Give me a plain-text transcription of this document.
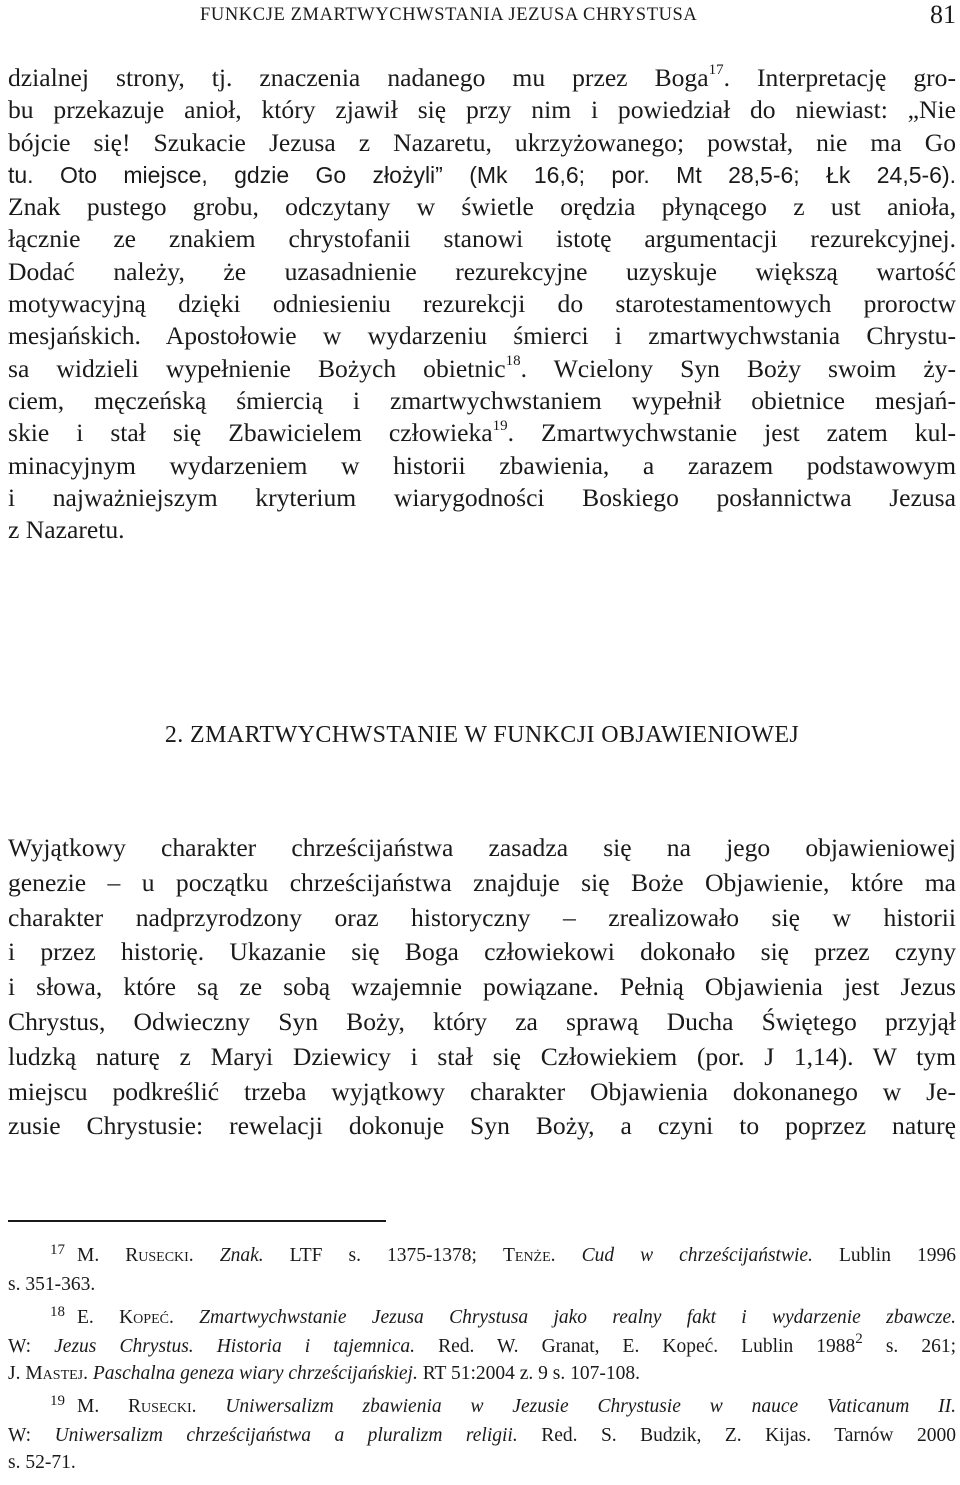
FUNKCJE ZMARTWYCHWSTANIA JEZUSA CHRYSTUSA	81
dzialnej strony, tj. znaczenia nadanego mu przez Boga$^{17}$. Interpretację gro-
bu przekazuje anioł, który zjawił się przy nim i powiedział do niewiast: „Nie
bójcie się! Szukacie Jezusa z Nazaretu, ukrzyżowanego; powstał, nie ma Go
tu. Oto miejsce, gdzie Go złożyli” (Mk 16,6; por. Mt 28,5-6; Łk 24,5-6).
Znak pustego grobu, odczytany w świetle orędzia płynącego z ust anioła,
łącznie ze znakiem chrystofanii stanowi istotę argumentacji rezurekcyjnej.
Dodać należy, że uzasadnienie rezurekcyjne uzyskuje większą wartość
motywacyjną dzięki odniesieniu rezurekcji do starotestamentowych proroctw
mesjańskich. Apostołowie w wydarzeniu śmierci i zmartwychwstania Chrystu-
sa widzieli wypełnienie Bożych obietnic$^{18}$. Wcielony Syn Boży swoim ży-
ciem, męczeńską śmiercią i zmartwychwstaniem wypełnił obietnice mesjań-
skie i stał się Zbawicielem człowieka$^{19}$. Zmartwychwstanie jest zatem kul-
minacyjnym wydarzeniem w historii zbawienia, a zarazem podstawowym
i najważniejszym kryterium wiarygodności Boskiego posłannictwa Jezusa
z Nazaretu.
2. ZMARTWYCHWSTANIE W FUNKCJI OBJAWIENIOWEJ
Wyjątkowy charakter chrześcijaństwa zasadza się na jego objawieniowej
genezie – u początku chrześcijaństwa znajduje się Boże Objawienie, które ma
charakter nadprzyrodzony oraz historyczny – zrealizowało się w historii
i przez historię. Ukazanie się Boga człowiekowi dokonało się przez czyny
i słowa, które są ze sobą wzajemnie powiązane. Pełnią Objawienia jest Jezus
Chrystus, Odwieczny Syn Boży, który za sprawą Ducha Świętego przyjął
ludzką naturę z Maryi Dziewicy i stał się Człowiekiem (por. J 1,14). W tym
miejscu podkreślić trzeba wyjątkowy charakter Objawienia dokonanego w Je-
zusie Chrystusie: rewelacji dokonuje Syn Boży, a czyni to poprzez naturę
$^{17}$ M. Rusecki. Znak. LTF s. 1375-1378; Tenże. Cud w chrześcijaństwie. Lublin 1996
s. 351-363.
$^{18}$ E. Kopeć. Zmartwychwstanie Jezusa Chrystusa jako realny fakt i wydarzenie zbawcze.
W: Jezus Chrystus. Historia i tajemnica. Red. W. Granat, E. Kopeć. Lublin 1988$^2$ s. 261;
J. Mastej. Paschalna geneza wiary chrześcijańskiej. RT 51:2004 z. 9 s. 107-108.
$^{19}$ M. Rusecki. Uniwersalizm zbawienia w Jezusie Chrystusie w nauce Vaticanum II.
W: Uniwersalizm chrześcijaństwa a pluralizm religii. Red. S. Budzik, Z. Kijas. Tarnów 2000
s. 52-71.
